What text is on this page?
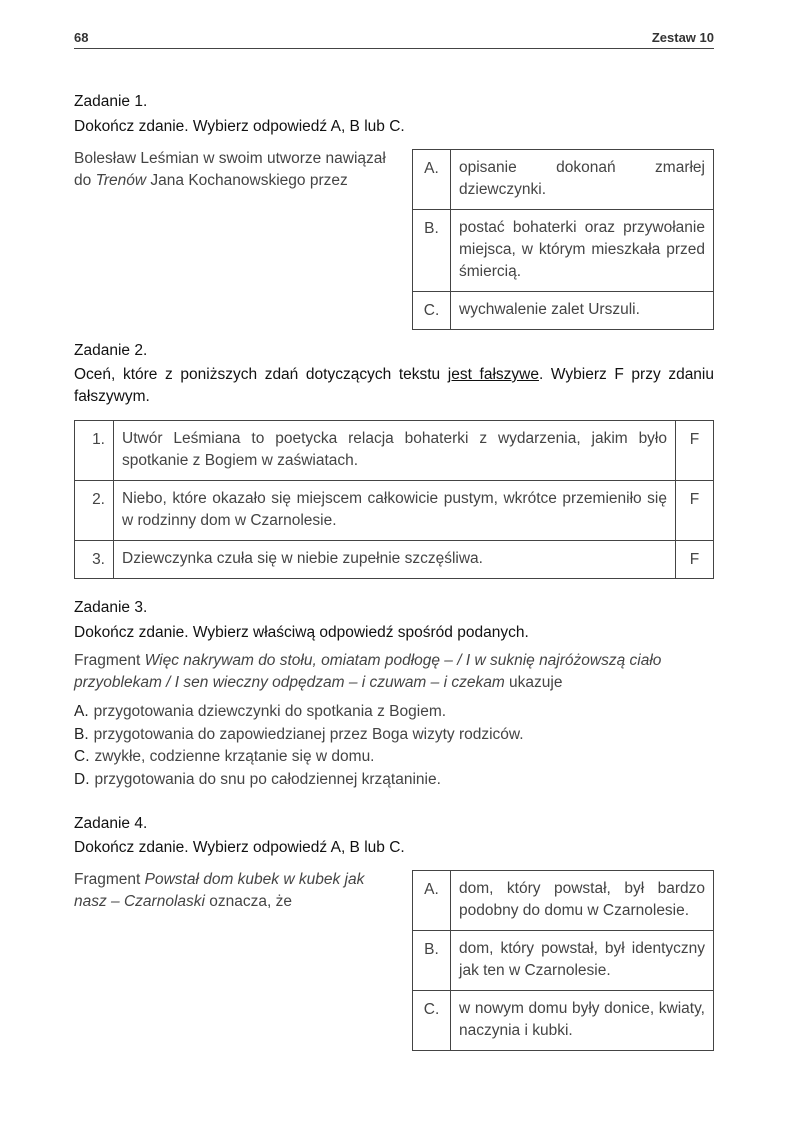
68	Zestaw 10
Zadanie 1.
Dokończ zdanie. Wybierz odpowiedź A, B lub C.
Bolesław Leśmian w swoim utworze nawiązał
do Trenów Jana Kochanowskiego przez
A.	opisanie dokonań zmarłej dziewczynki.
B.	postać bohaterki oraz przywołanie miejsca, w którym mieszkała przed śmiercią.
C.	wychwalenie zalet Urszuli.
Zadanie 2.
Oceń, które z poniższych zdań dotyczących tekstu jest fałszywe. Wybierz F przy zdaniu fałszywym.
1.	Utwór Leśmiana to poetycka relacja bohaterki z wydarzenia, jakim było spotkanie z Bogiem w zaświatach.	F
2.	Niebo, które okazało się miejscem całkowicie pustym, wkrótce przemieniło się w rodzinny dom w Czarnolesie.	F
3.	Dziewczynka czuła się w niebie zupełnie szczęśliwa.	F
Zadanie 3.
Dokończ zdanie. Wybierz właściwą odpowiedź spośród podanych.
Fragment Więc nakrywam do stołu, omiatam podłogę – / I w suknię najróżowszą ciało
przyoblekam / I sen wieczny odpędzam – i czuwam – i czekam ukazuje
A. przygotowania dziewczynki do spotkania z Bogiem.
B. przygotowania do zapowiedzianej przez Boga wizyty rodziców.
C. zwykłe, codzienne krzątanie się w domu.
D. przygotowania do snu po całodziennej krzątaninie.
Zadanie 4.
Dokończ zdanie. Wybierz odpowiedź A, B lub C.
Fragment Powstał dom kubek w kubek jak
nasz – Czarnolaski oznacza, że
A.	dom, który powstał, był bardzo podobny do domu w Czarnolesie.
B.	dom, który powstał, był identyczny jak ten w Czarnolesie.
C.	w nowym domu były donice, kwiaty, naczynia i kubki.
